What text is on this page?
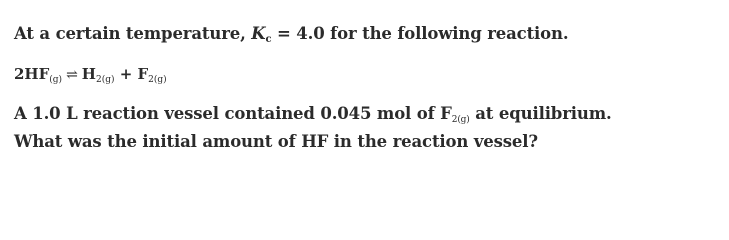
At a certain temperature, Kc = 4.0 for the following reaction.
$2HF_{(g)}$ ⇌ $H_{2(g)} + F_{2(g)}$
A 1.0 L reaction vessel contained 0.045 mol of $F_{2(g)}$ at equilibrium.
What was the initial amount of HF in the reaction vessel?
